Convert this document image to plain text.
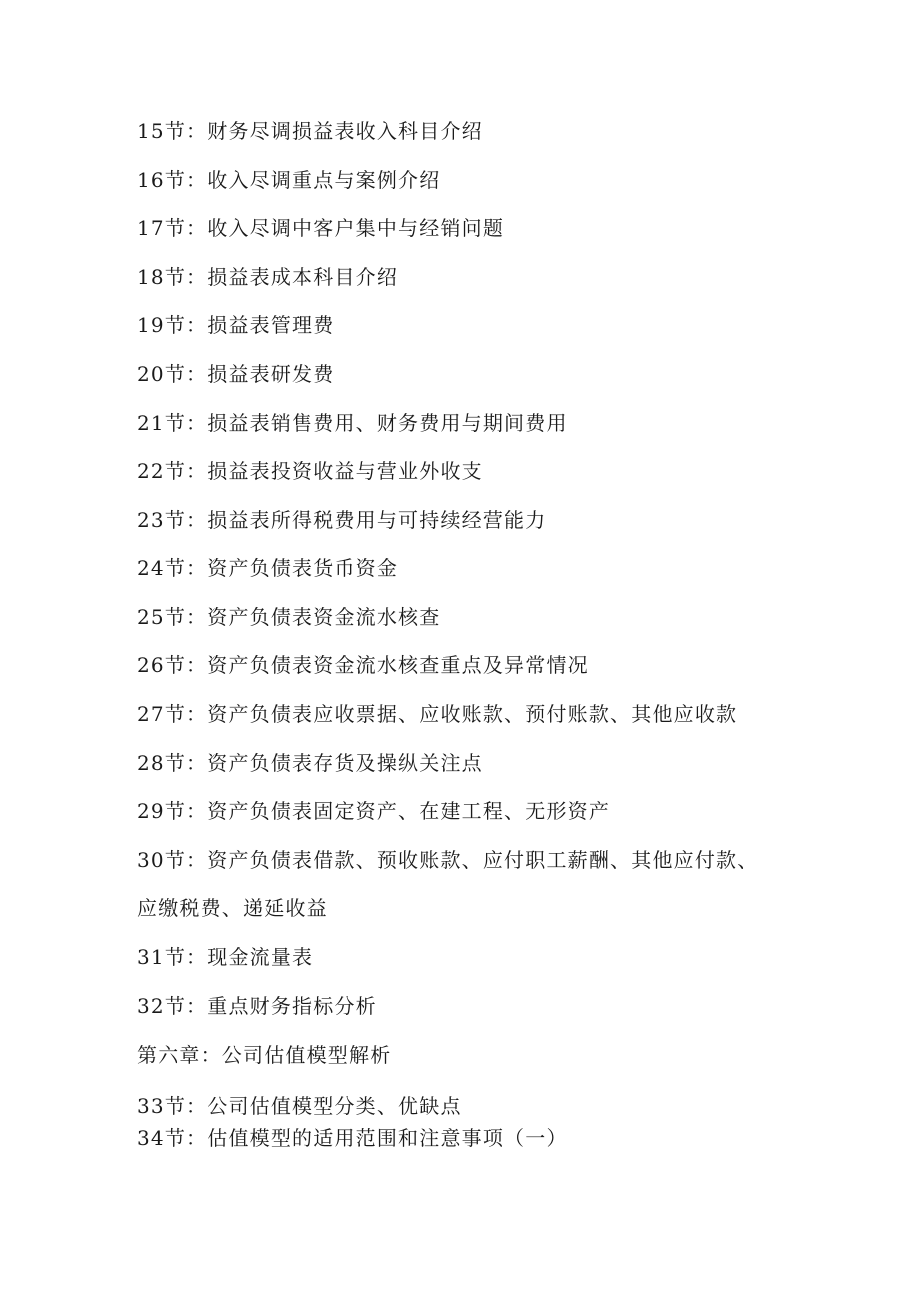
15节：财务尽调损益表收入科目介绍
16节：收入尽调重点与案例介绍
17节：收入尽调中客户集中与经销问题
18节：损益表成本科目介绍
19节：损益表管理费
20节：损益表研发费
21节：损益表销售费用、财务费用与期间费用
22节：损益表投资收益与营业外收支
23节：损益表所得税费用与可持续经营能力
24节：资产负债表货币资金
25节：资产负债表资金流水核查
26节：资产负债表资金流水核查重点及异常情况
27节：资产负债表应收票据、应收账款、预付账款、其他应收款
28节：资产负债表存货及操纵关注点
29节：资产负债表固定资产、在建工程、无形资产
30节：资产负债表借款、预收账款、应付职工薪酬、其他应付款、
应缴税费、递延收益
31节：现金流量表
32节：重点财务指标分析
第六章：公司估值模型解析
33节：公司估值模型分类、优缺点
34节：估值模型的适用范围和注意事项（一）
